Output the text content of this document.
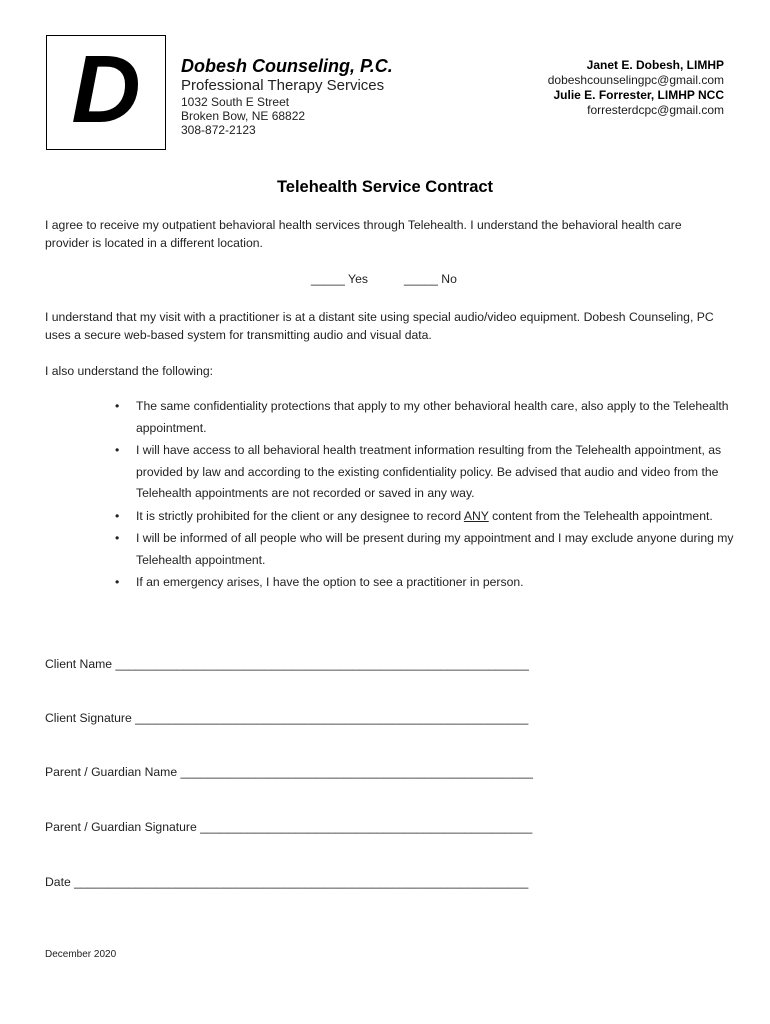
D Dobesh Counseling, P.C.
Professional Therapy Services
1032 South E Street
Broken Bow, NE 68822
308-872-2123
Janet E. Dobesh, LIMHP
dobeshcounselingpc@gmail.com
Julie E. Forrester, LIMHP NCC
forresterdcpc@gmail.com
Telehealth Service Contract
I agree to receive my outpatient behavioral health services through Telehealth. I understand the behavioral health care provider is located in a different location.
_____ Yes	_____ No
I understand that my visit with a practitioner is at a distant site using special audio/video equipment. Dobesh Counseling, PC uses a secure web-based system for transmitting audio and visual data.
I also understand the following:
• The same confidentiality protections that apply to my other behavioral health care, also apply to the Telehealth appointment.
• I will have access to all behavioral health treatment information resulting from the Telehealth appointment, as provided by law and according to the existing confidentiality policy. Be advised that audio and video from the Telehealth appointments are not recorded or saved in any way.
• It is strictly prohibited for the client or any designee to record ANY content from the Telehealth appointment.
• I will be informed of all people who will be present during my appointment and I may exclude anyone during my Telehealth appointment.
• If an emergency arises, I have the option to see a practitioner in person.
Client Name _____________________________________________________________
Client Signature __________________________________________________________
Parent / Guardian Name ____________________________________________________
Parent / Guardian Signature _________________________________________________
Date ___________________________________________________________________
December 2020
